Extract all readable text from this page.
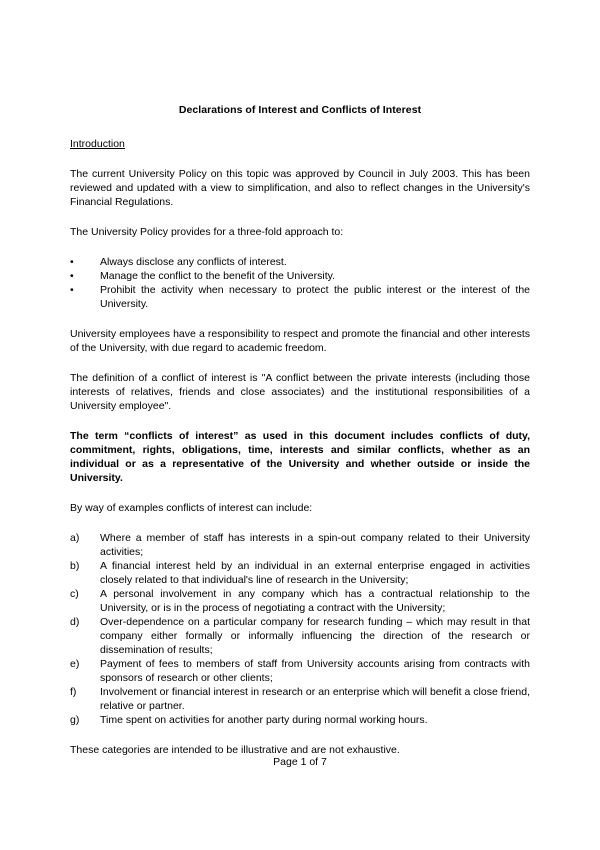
Declarations of Interest and Conflicts of Interest
Introduction

The current University Policy on this topic was approved by Council in July 2003. This has been reviewed and updated with a view to simplification, and also to reflect changes in the University's Financial Regulations.

The University Policy provides for a three-fold approach to:

•	Always disclose any conflicts of interest.
•	Manage the conflict to the benefit of the University.
•	Prohibit the activity when necessary to protect the public interest or the interest of the University.

University employees have a responsibility to respect and promote the financial and other interests of the University, with due regard to academic freedom.

The definition of a conflict of interest is "A conflict between the private interests (including those interests of relatives, friends and close associates) and the institutional responsibilities of a University employee".

The term “conflicts of interest” as used in this document includes conflicts of duty, commitment, rights, obligations, time, interests and similar conflicts, whether as an individual or as a representative of the University and whether outside or inside the University.

By way of examples conflicts of interest can include:

a) Where a member of staff has interests in a spin-out company related to their University activities;
b) A financial interest held by an individual in an external enterprise engaged in activities closely related to that individual's line of research in the University;
c) A personal involvement in any company which has a contractual relationship to the University, or is in the process of negotiating a contract with the University;
d) Over-dependence on a particular company for research funding – which may result in that company either formally or informally influencing the direction of the research or dissemination of results;
e) Payment of fees to members of staff from University accounts arising from contracts with sponsors of research or other clients;
f) Involvement or financial interest in research or an enterprise which will benefit a close friend, relative or partner.
g) Time spent on activities for another party during normal working hours.

These categories are intended to be illustrative and are not exhaustive.

Page 1 of 7
